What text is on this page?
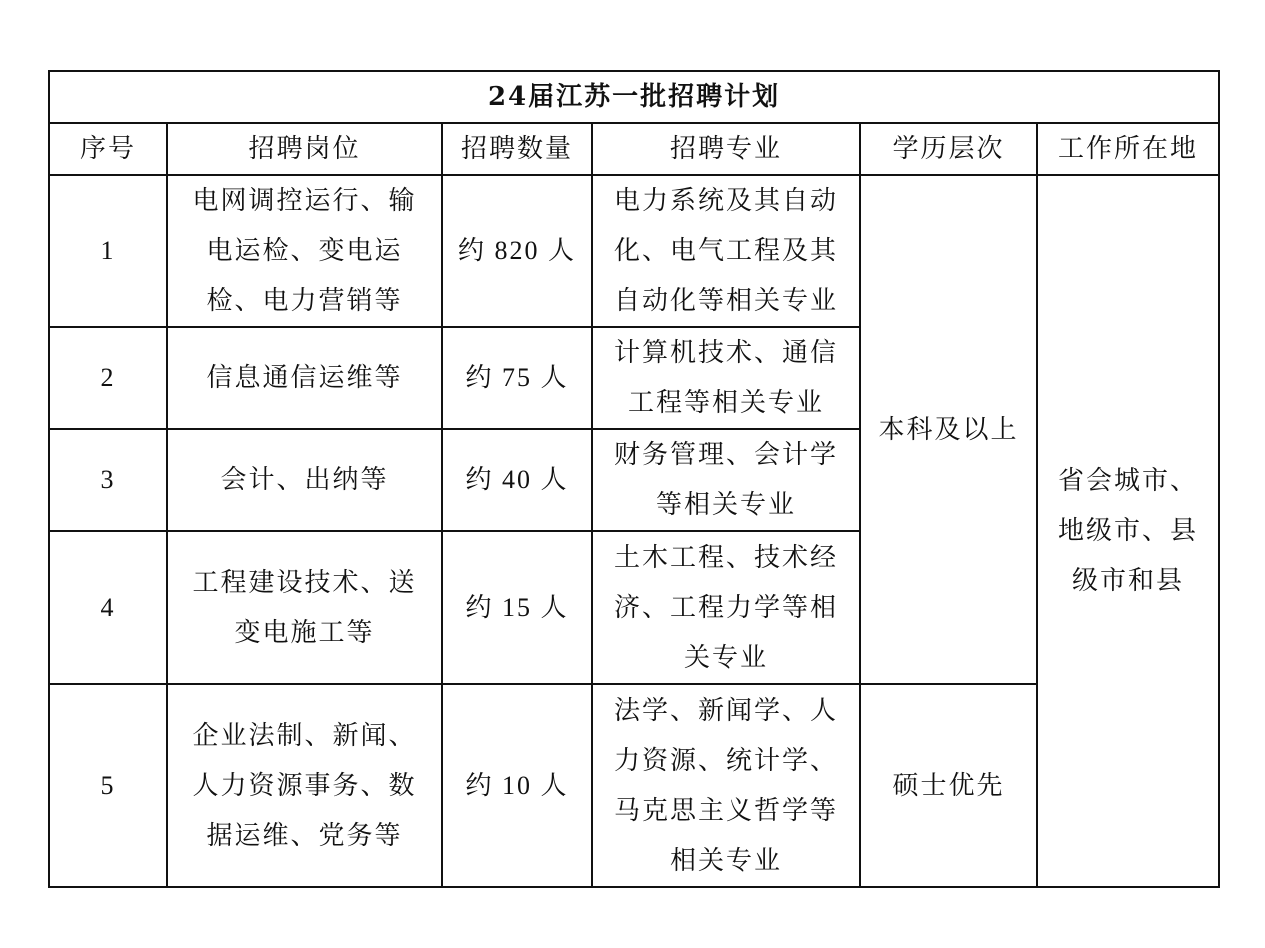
24届江苏一批招聘计划					
序号	招聘岗位	招聘数量	招聘专业	学历层次	工作所在地
1	电网调控运行、输电运检、变电运检、电力营销等	约 820 人	电力系统及其自动化、电气工程及其自动化等相关专业	本科及以上	省会城市、地级市、县级市和县
2	信息通信运维等	约 75 人	计算机技术、通信工程等相关专业		
3	会计、出纳等	约 40 人	财务管理、会计学等相关专业		
4	工程建设技术、送变电施工等	约 15 人	土木工程、技术经济、工程力学等相关专业		
5	企业法制、新闻、人力资源事务、数据运维、党务等	约 10 人	法学、新闻学、人力资源、统计学、马克思主义哲学等相关专业	硕士优先	
